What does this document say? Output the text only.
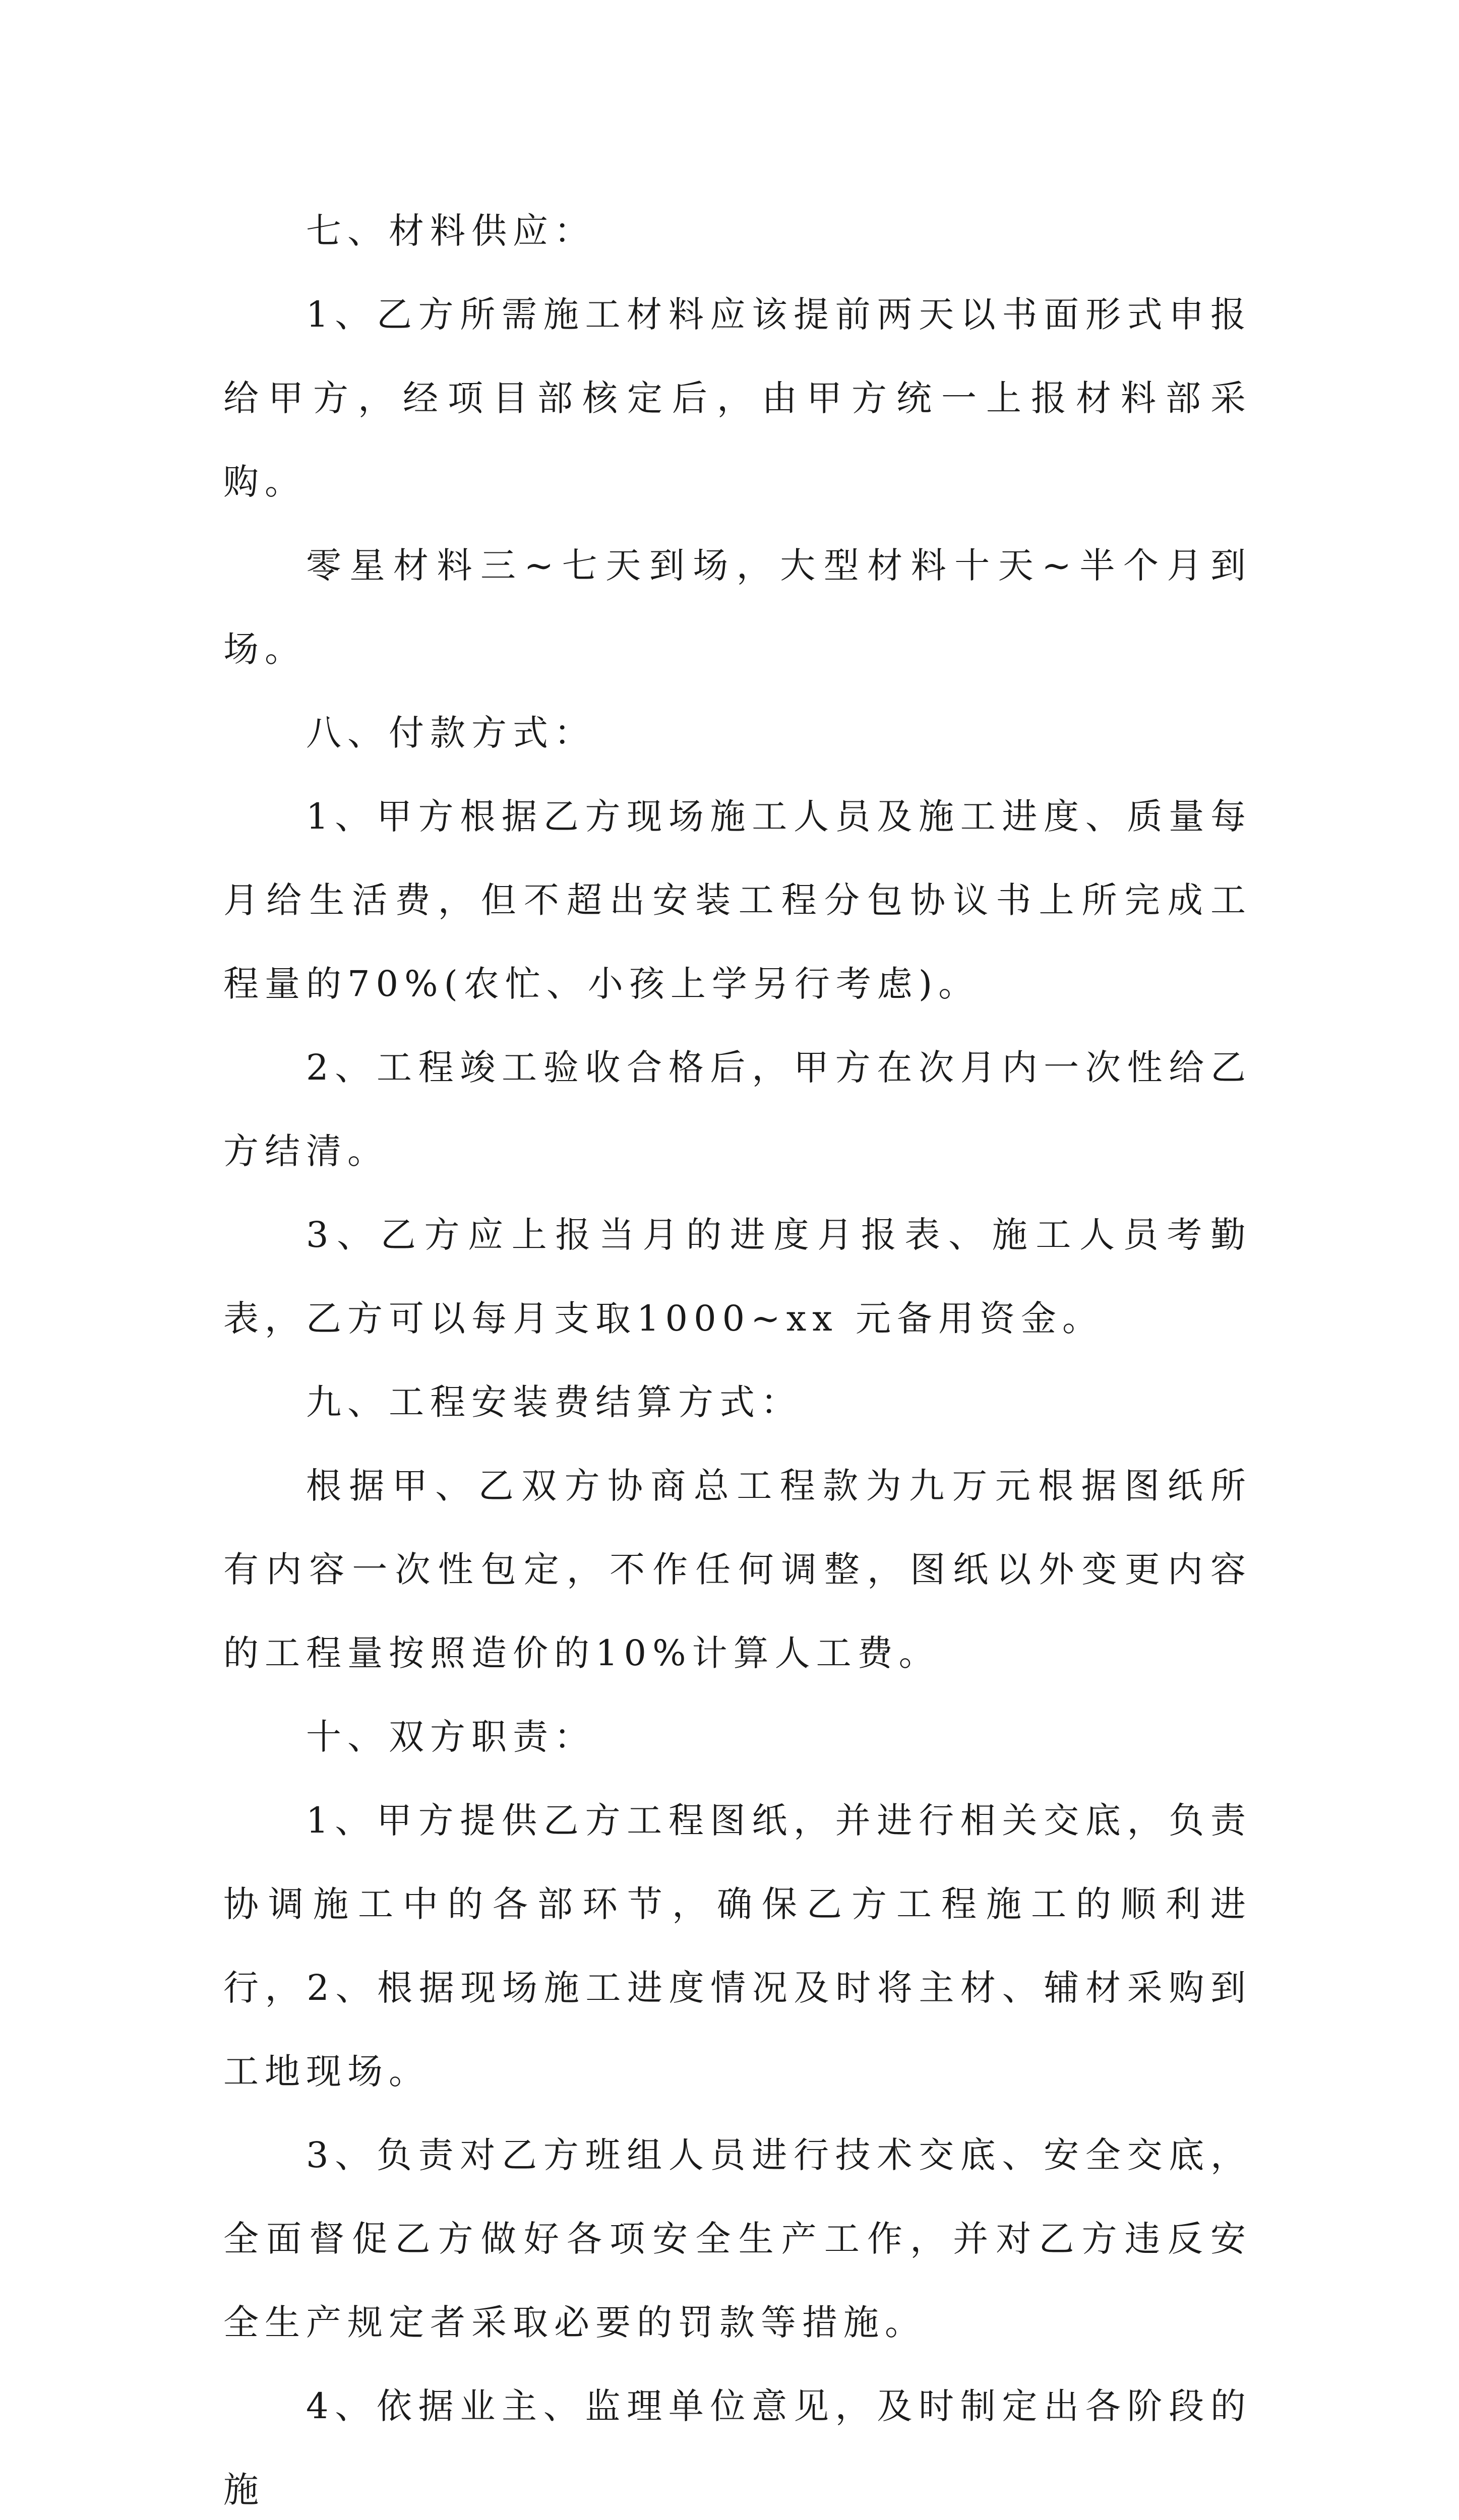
七、材料供应：

1、乙方所需施工材料应该提前两天以书面形式申报给甲方，经项目部核定后，由甲方统一上报材料部采购。

零星材料三~七天到场，大型材料十天~半个月到场。

八、付款方式：

1、甲方根据乙方现场施工人员及施工进度、质量每月给生活费，但不超出安装工程分包协议书上所完成工程量的70%(农忙、小孩上学另行考虑)。

2、工程竣工验收合格后，甲方在次月内一次性给乙方结清。

3、乙方应上报当月的进度月报表、施工人员考勤表，乙方可以每月支取1000~xx 元备用资金。

九、工程安装费结算方式：

根据甲、乙双方协商总工程款为九万元根据图纸所有内容一次性包定，不作任何调整，图纸以外变更内容的工程量按照造价的10%计算人工费。

十、双方职责：

1、甲方提供乙方工程图纸，并进行相关交底，负责协调施工中的各部环节，确保乙方工程施工的顺利进行，2、根据现场施工进度情况及时将主材、辅材采购到工地现场。

3、负责对乙方班组人员进行技术交底、安全交底，全面督促乙方做好各项安全生产工作，并对乙方违反安全生产规定者采取必要的罚款等措施。

4、依据业主、监理单位意见，及时制定出各阶段的施
